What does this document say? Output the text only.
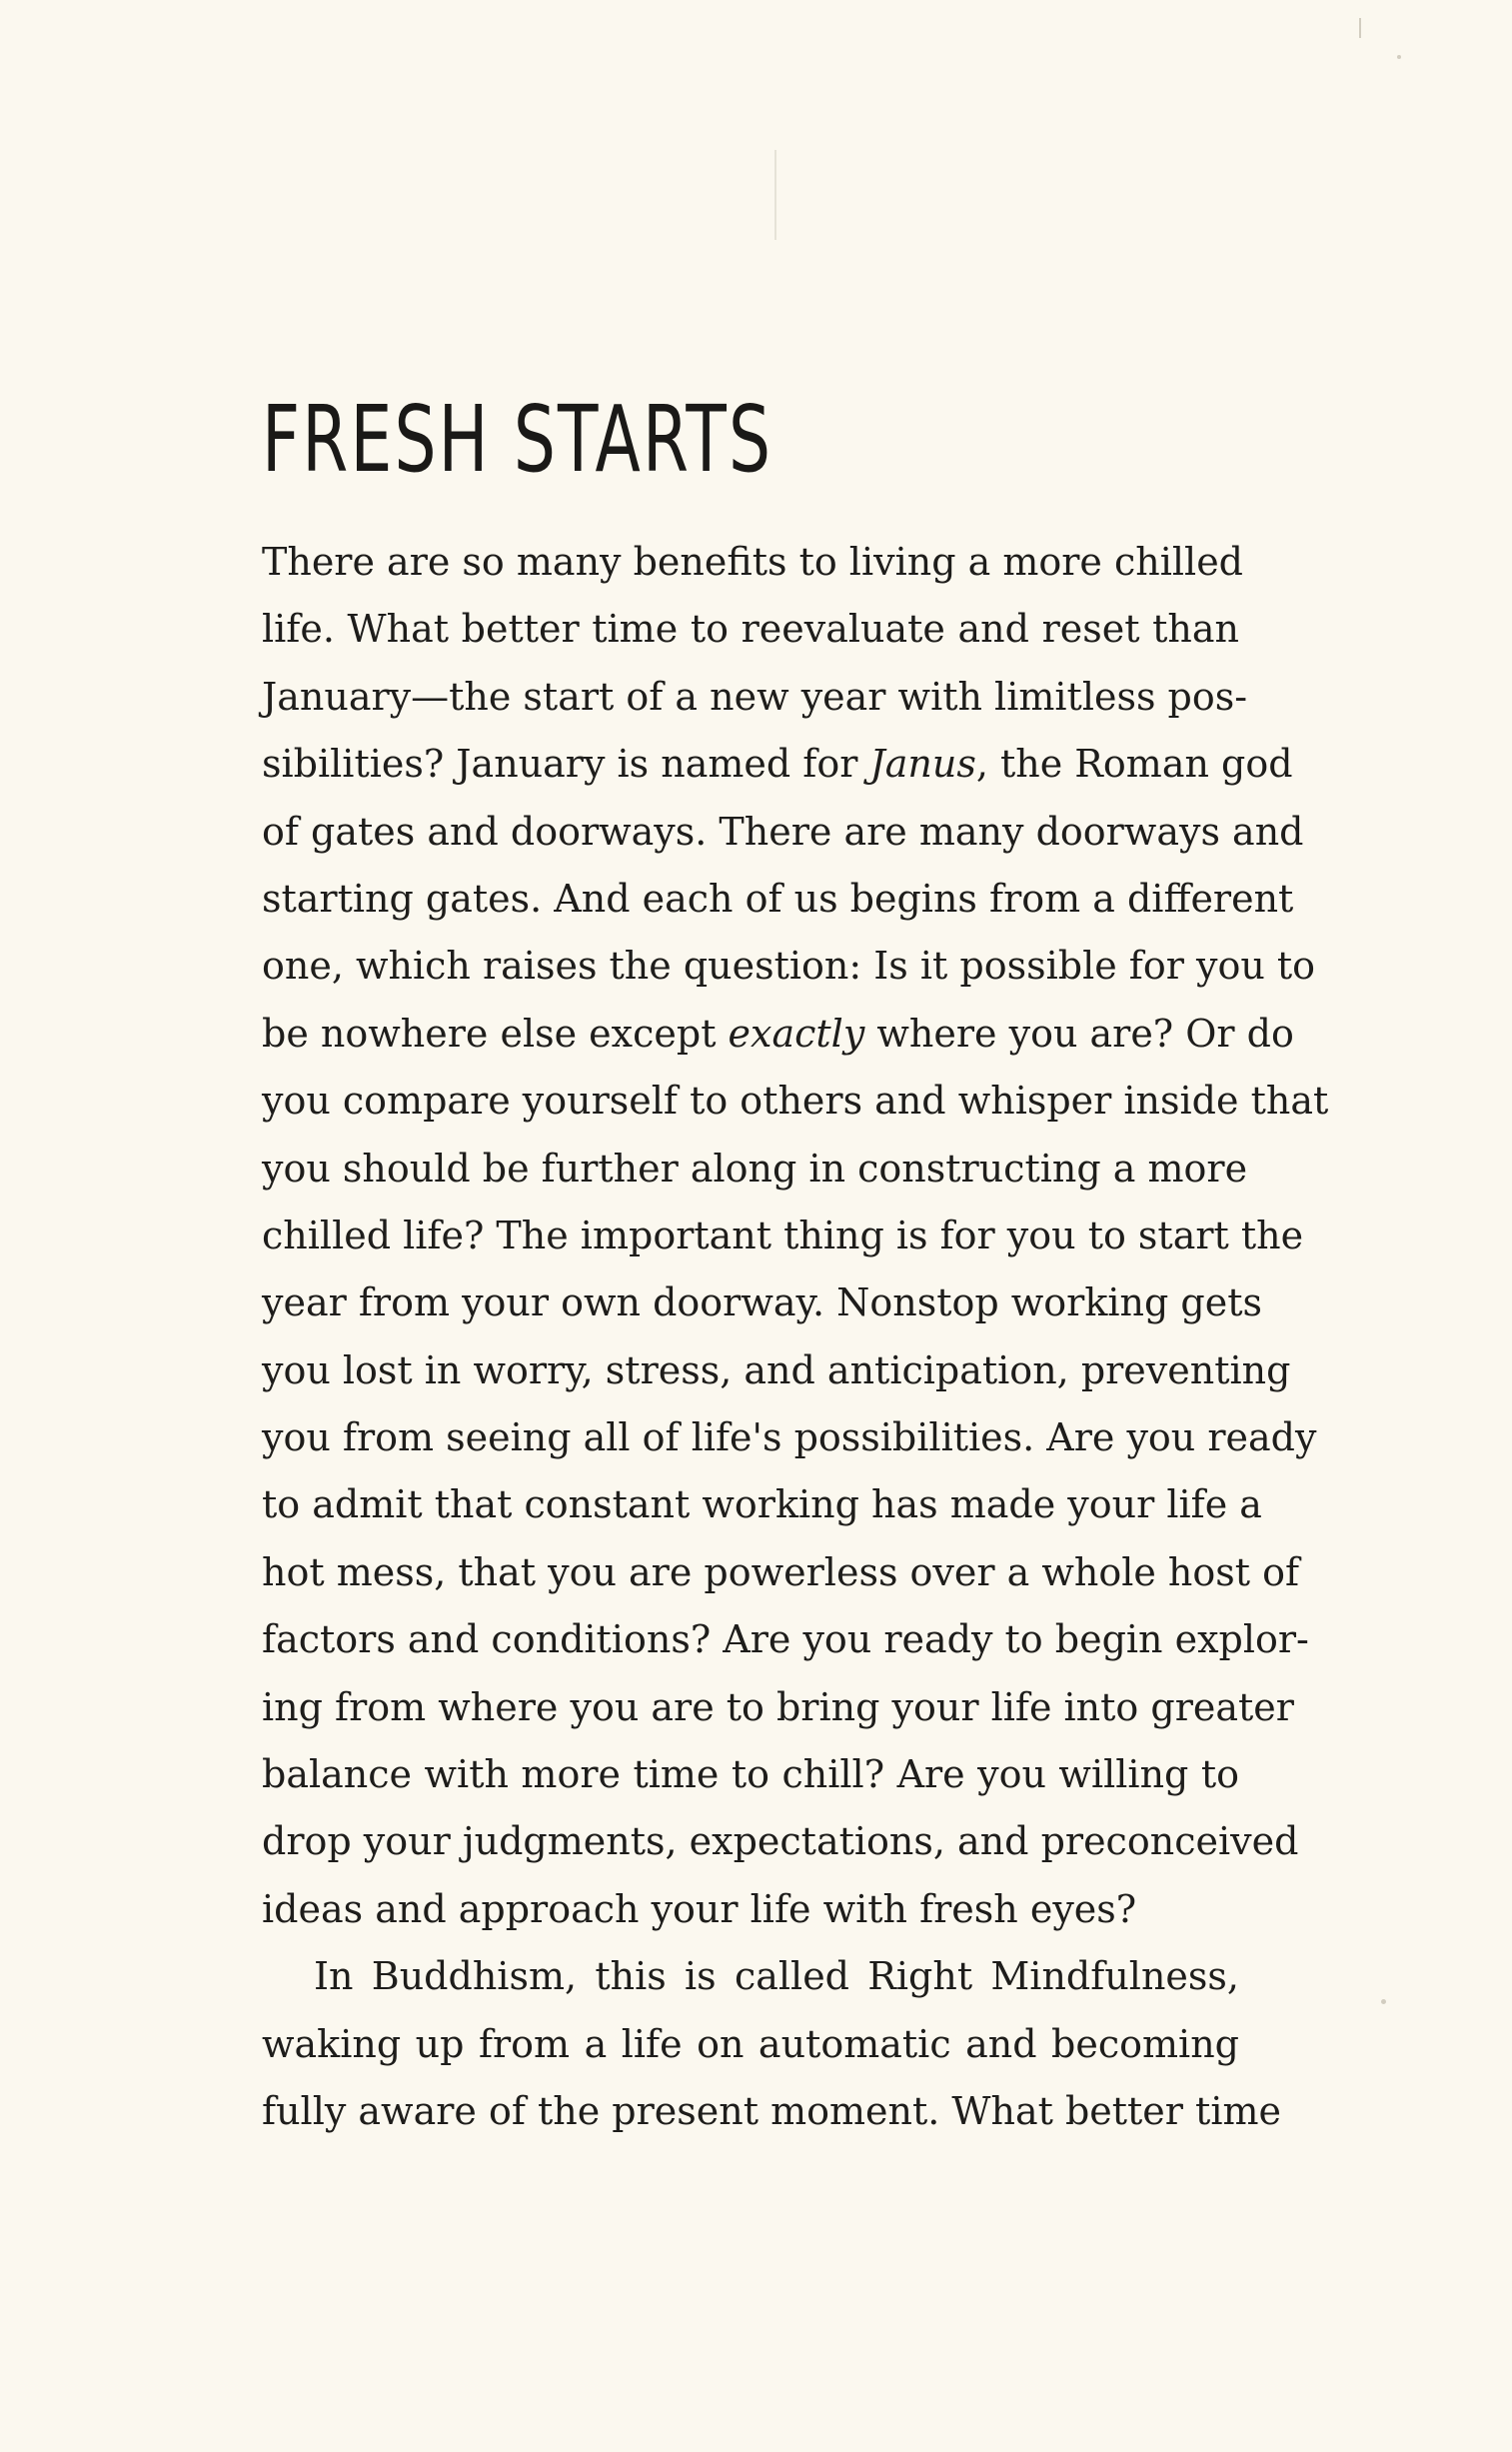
FRESH STARTS
There are so many benefits to living a more chilled
life. What better time to reevaluate and reset than
January—the start of a new year with limitless pos-
sibilities? January is named for Janus, the Roman god
of gates and doorways. There are many doorways and
starting gates. And each of us begins from a different
one, which raises the question: Is it possible for you to
be nowhere else except exactly where you are? Or do
you compare yourself to others and whisper inside that
you should be further along in constructing a more
chilled life? The important thing is for you to start the
year from your own doorway. Nonstop working gets
you lost in worry, stress, and anticipation, preventing
you from seeing all of life's possibilities. Are you ready
to admit that constant working has made your life a
hot mess, that you are powerless over a whole host of
factors and conditions? Are you ready to begin explor-
ing from where you are to bring your life into greater
balance with more time to chill? Are you willing to
drop your judgments, expectations, and preconceived
ideas and approach your life with fresh eyes?
In Buddhism, this is called Right Mindfulness,
waking up from a life on automatic and becoming
fully aware of the present moment. What better time
